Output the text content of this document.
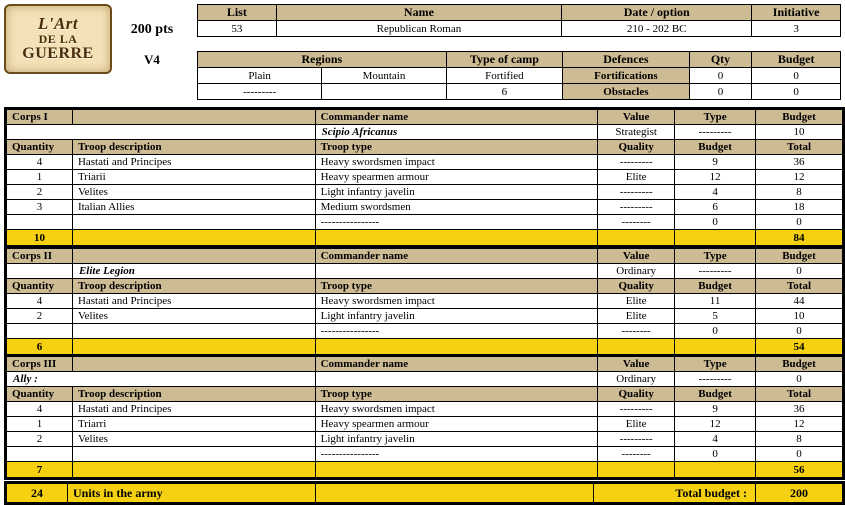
L'Art
DE LA
GUERRE
200 pts
V4
List	Name	Date / option	Initiative
53	Republican Roman	210 - 202 BC	3
Regions		Type of camp	Defences	Qty	Budget
Plain	Mountain	Fortified	Fortifications	0	0
---------		6	Obstacles	0	0
Corps I		Commander name	Value	Type	Budget
		Scipio Africanus	Strategist	---------	10
Quantity	Troop description	Troop type	Quality	Budget	Total
4	Hastati and Principes	Heavy swordsmen impact	---------	9	36
1	Triarii	Heavy spearmen armour	Elite	12	12
2	Velites	Light infantry javelin	---------	4	8
3	Italian Allies	Medium swordsmen	---------	6	18
		----------------	--------	0	0
10					84
Corps II		Commander name	Value	Type	Budget
	Elite Legion		Ordinary	---------	0
Quantity	Troop description	Troop type	Quality	Budget	Total
4	Hastati and Principes	Heavy swordsmen impact	Elite	11	44
2	Velites	Light infantry javelin	Elite	5	10
		----------------	--------	0	0
6					54
Corps III		Commander name	Value	Type	Budget
Ally :			Ordinary	---------	0
Quantity	Troop description	Troop type	Quality	Budget	Total
4	Hastati and Principes	Heavy swordsmen impact	---------	9	36
1	Triarri	Heavy spearmen armour	Elite	12	12
2	Velites	Light infantry javelin	---------	4	8
		----------------	--------	0	0
7					56
24	Units in the army		Total budget :	200
